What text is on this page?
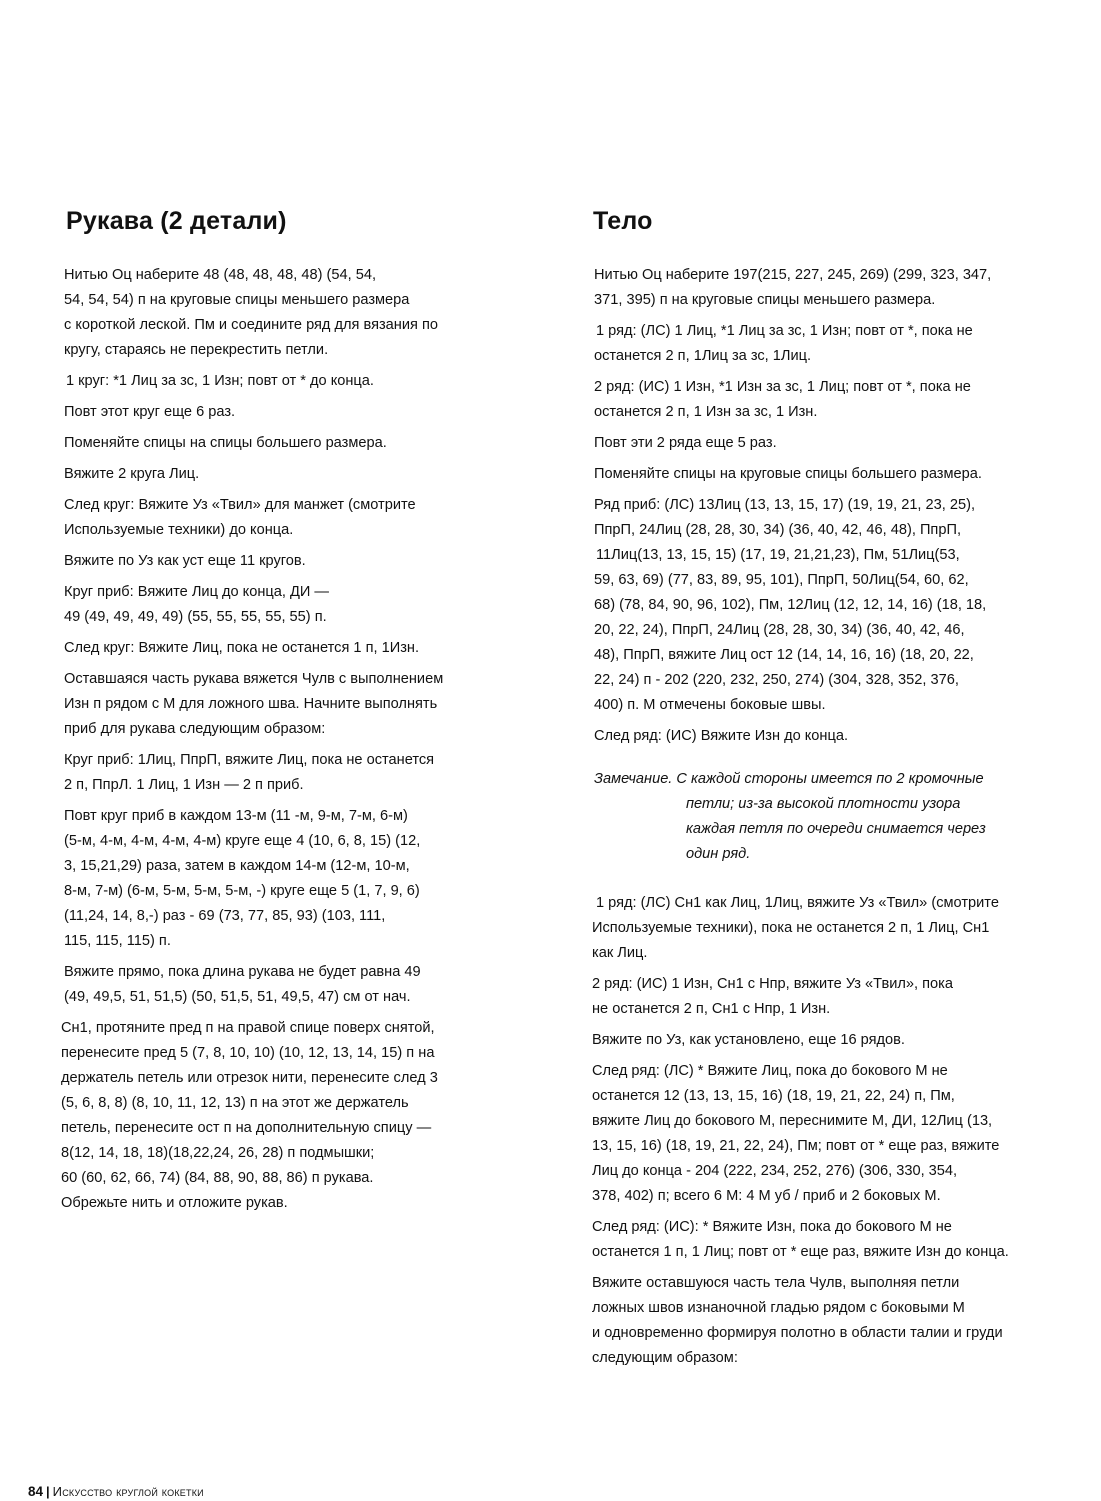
Рукава (2 детали)

Нитью Оц наберите 48 (48, 48, 48, 48) (54, 54,

54, 54, 54) п на круговые спицы меньшего размера

с короткой леской. Пм и соедините ряд для вязания по

кругу, стараясь не перекрестить петли.

1 круг: *1 Лиц за зс, 1 Изн; повт от * до конца.

Повт этот круг еще 6 раз.

Поменяйте спицы на спицы большего размера.

Вяжите 2 круга Лиц.

След круг: Вяжите Уз «Твил» для манжет (смотрите

Используемые техники) до конца.

Вяжите по Уз как уст еще 11 кругов.

Круг приб: Вяжите Лиц до конца, ДИ —

49 (49, 49, 49, 49) (55, 55, 55, 55, 55) п.

След круг: Вяжите Лиц, пока не останется 1 п, 1Изн.

Оставшаяся часть рукава вяжется Чулв с выполнением

Изн п рядом с М для ложного шва. Начните выполнять

приб для рукава следующим образом:

Круг приб: 1Лиц, ПпрП, вяжите Лиц, пока не останется

2 п, ПпрЛ. 1 Лиц, 1 Изн — 2 п приб.

Повт круг приб в каждом 13-м (11 -м, 9-м, 7-м, 6-м)

(5-м, 4-м, 4-м, 4-м, 4-м) круге еще 4 (10, 6, 8, 15) (12,

3, 15,21,29) раза, затем в каждом 14-м (12-м, 10-м,

8-м, 7-м) (6-м, 5-м, 5-м, 5-м, -) круге еще 5 (1, 7, 9, 6)

(11,24, 14, 8,-) раз - 69 (73, 77, 85, 93) (103, 111,

115, 115, 115) п.

Вяжите прямо, пока длина рукава не будет равна 49

(49, 49,5, 51, 51,5) (50, 51,5, 51, 49,5, 47) см от нач.

Сн1, протяните пред п на правой спице поверх снятой,

перенесите пред 5 (7, 8, 10, 10) (10, 12, 13, 14, 15) п на

держатель петель или отрезок нити, перенесите след 3

(5, 6, 8, 8) (8, 10, 11, 12, 13) п на этот же держатель

петель, перенесите ост п на дополнительную спицу —

8(12, 14, 18, 18)(18,22,24, 26, 28) п подмышки;

60 (60, 62, 66, 74) (84, 88, 90, 88, 86) п рукава.

Обрежьте нить и отложите рукав.

Тело

Нитью Оц наберите 197(215, 227, 245, 269) (299, 323, 347,

371, 395) п на круговые спицы меньшего размера.

1 ряд: (ЛС) 1 Лиц, *1 Лиц за зс, 1 Изн; повт от *, пока не

останется 2 п, 1Лиц за зс, 1Лиц.

2 ряд: (ИС) 1 Изн, *1 Изн за зс, 1 Лиц; повт от *, пока не

останется 2 п, 1 Изн за зс, 1 Изн.

Повт эти 2 ряда еще 5 раз.

Поменяйте спицы на круговые спицы большего размера.

Ряд приб: (ЛС) 13Лиц (13, 13, 15, 17) (19, 19, 21, 23, 25),

ПпрП, 24Лиц (28, 28, 30, 34) (36, 40, 42, 46, 48), ПпрП,

11Лиц(13, 13, 15, 15) (17, 19, 21,21,23), Пм, 51Лиц(53,

59, 63, 69) (77, 83, 89, 95, 101), ПпрП, 50Лиц(54, 60, 62,

68) (78, 84, 90, 96, 102), Пм, 12Лиц (12, 12, 14, 16) (18, 18,

20, 22, 24), ПпрП, 24Лиц (28, 28, 30, 34) (36, 40, 42, 46,

48), ПпрП, вяжите Лиц ост 12 (14, 14, 16, 16) (18, 20, 22,

22, 24) п - 202 (220, 232, 250, 274) (304, 328, 352, 376,

400) п. М отмечены боковые швы.

След ряд: (ИС) Вяжите Изн до конца.

Замечание. С каждой стороны имеется по 2 кромочные

петли; из-за высокой плотности узора

каждая петля по очереди снимается через

один ряд.

1 ряд: (ЛС) Сн1 как Лиц, 1Лиц, вяжите Уз «Твил» (смотрите

Используемые техники), пока не останется 2 п, 1 Лиц, Сн1

как Лиц.

2 ряд: (ИС) 1 Изн, Сн1 с Нпр, вяжите Уз «Твил», пока

не останется 2 п, Сн1 с Нпр, 1 Изн.

Вяжите по Уз, как установлено, еще 16 рядов.

След ряд: (ЛС) * Вяжите Лиц, пока до бокового М не

останется 12 (13, 13, 15, 16) (18, 19, 21, 22, 24) п, Пм,

вяжите Лиц до бокового М, переснимите М, ДИ, 12Лиц (13,

13, 15, 16) (18, 19, 21, 22, 24), Пм; повт от * еще раз, вяжите

Лиц до конца - 204 (222, 234, 252, 276) (306, 330, 354,

378, 402) п; всего 6 М: 4 М уб / приб и 2 боковых М.

След ряд: (ИС): * Вяжите Изн, пока до бокового М не

останется 1 п, 1 Лиц; повт от * еще раз, вяжите Изн до конца.

Вяжите оставшуюся часть тела Чулв, выполняя петли

ложных швов изнаночной гладью рядом с боковыми М

и одновременно формируя полотно в области талии и груди

следующим образом:

84 | Искусство круглой кокетки
